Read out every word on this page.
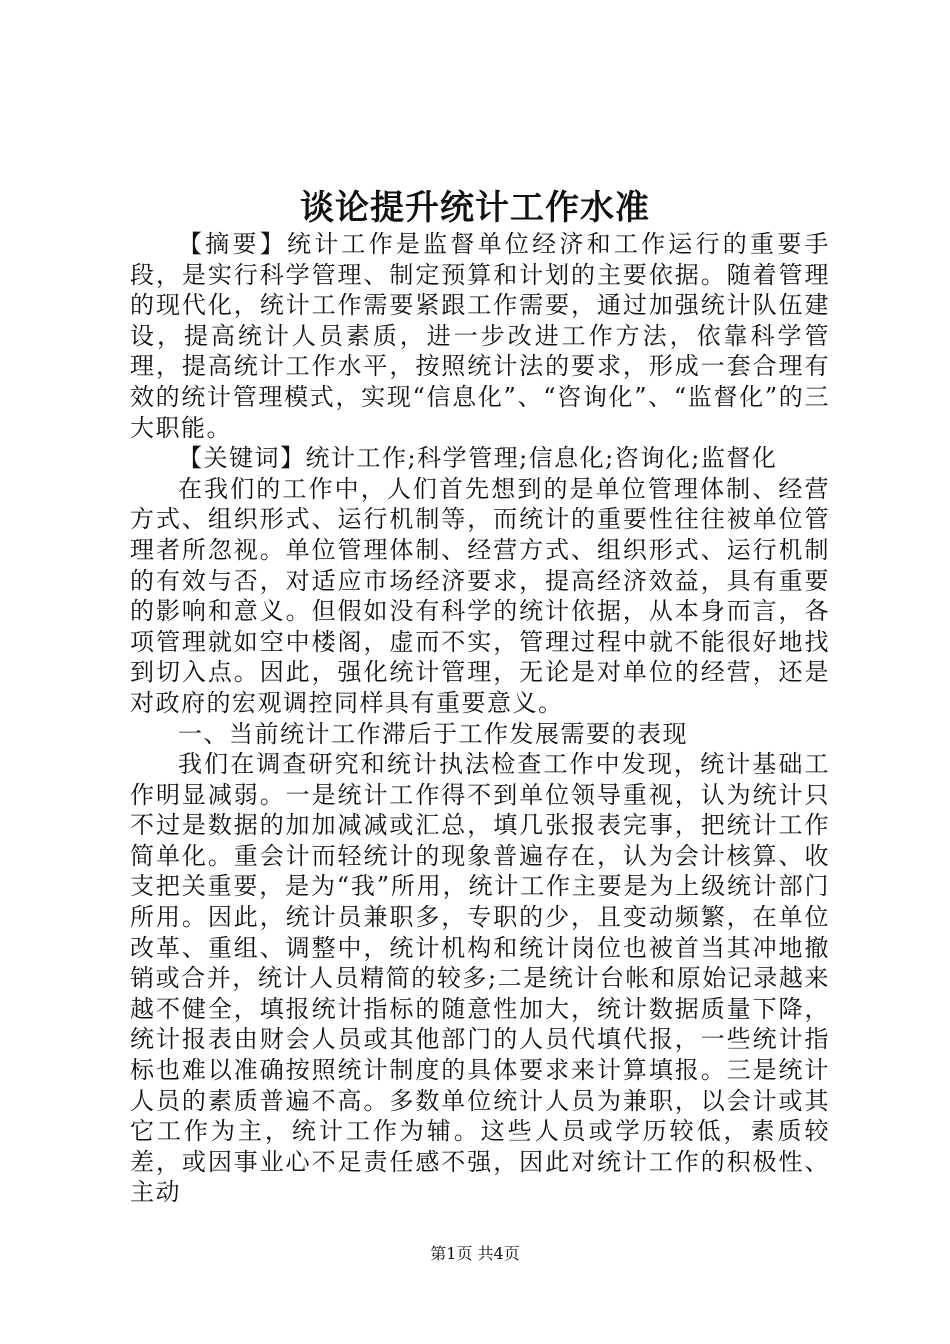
谈论提升统计工作水准

【摘要】统计工作是监督单位经济和工作运行的重要手段，是实行科学管理、制定预算和计划的主要依据。随着管理的现代化，统计工作需要紧跟工作需要，通过加强统计队伍建设，提高统计人员素质，进一步改进工作方法，依靠科学管理，提高统计工作水平，按照统计法的要求，形成一套合理有效的统计管理模式，实现“信息化”、“咨询化”、“监督化”的三大职能。

【关键词】统计工作;科学管理;信息化;咨询化;监督化

在我们的工作中，人们首先想到的是单位管理体制、经营方式、组织形式、运行机制等，而统计的重要性往往被单位管理者所忽视。单位管理体制、经营方式、组织形式、运行机制的有效与否，对适应市场经济要求，提高经济效益，具有重要的影响和意义。但假如没有科学的统计依据，从本身而言，各项管理就如空中楼阁，虚而不实，管理过程中就不能很好地找到切入点。因此，强化统计管理，无论是对单位的经营，还是对政府的宏观调控同样具有重要意义。

一、当前统计工作滞后于工作发展需要的表现

我们在调查研究和统计执法检查工作中发现，统计基础工作明显减弱。一是统计工作得不到单位领导重视，认为统计只不过是数据的加加减减或汇总，填几张报表完事，把统计工作简单化。重会计而轻统计的现象普遍存在，认为会计核算、收支把关重要，是为“我”所用，统计工作主要是为上级统计部门所用。因此，统计员兼职多，专职的少，且变动频繁，在单位改革、重组、调整中，统计机构和统计岗位也被首当其冲地撤销或合并，统计人员精简的较多;二是统计台帐和原始记录越来越不健全，填报统计指标的随意性加大，统计数据质量下降，统计报表由财会人员或其他部门的人员代填代报，一些统计指标也难以准确按照统计制度的具体要求来计算填报。三是统计人员的素质普遍不高。多数单位统计人员为兼职，以会计或其它工作为主，统计工作为辅。这些人员或学历较低，素质较差，或因事业心不足责任感不强，因此对统计工作的积极性、主动

第1页 共4页
